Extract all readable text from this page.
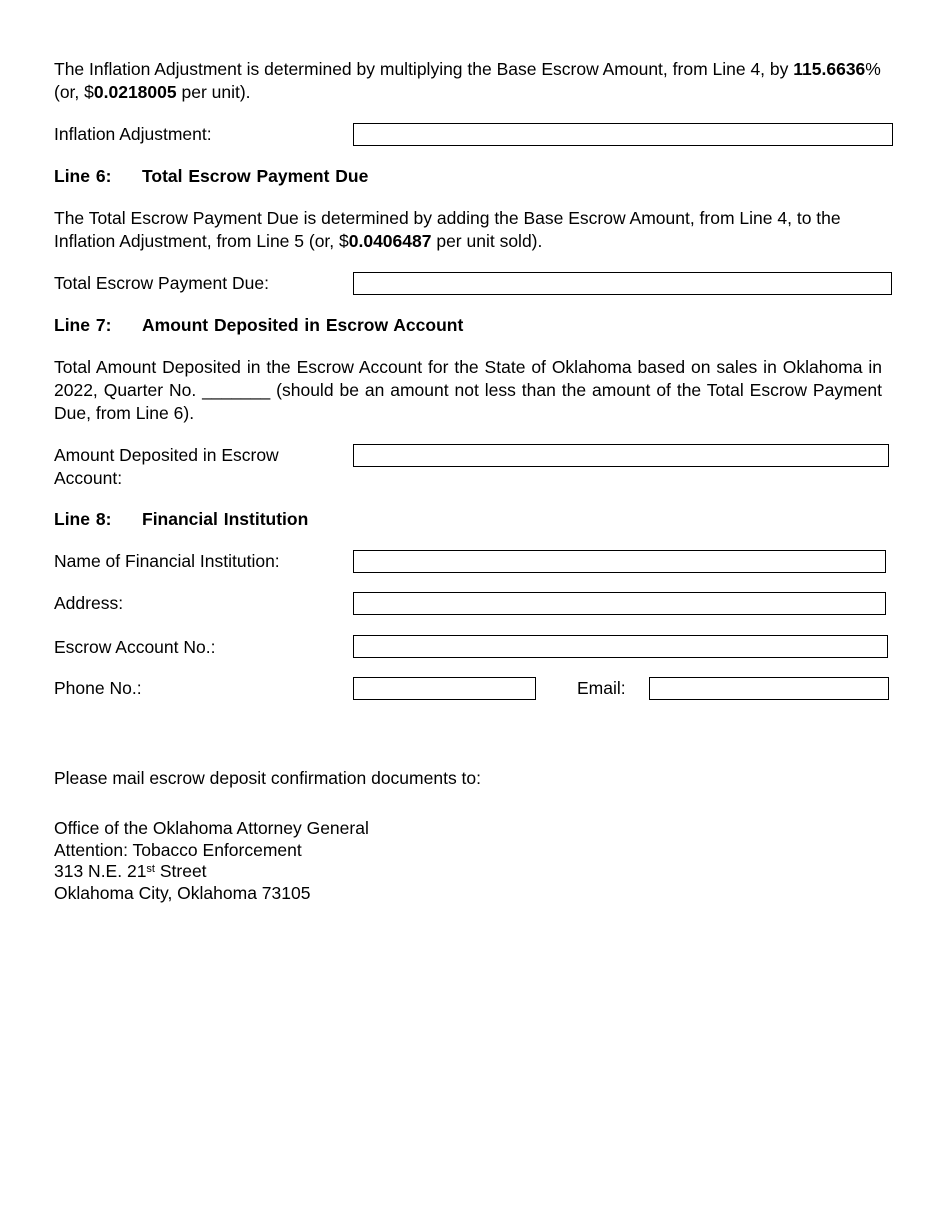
The Inflation Adjustment is determined by multiplying the Base Escrow Amount, from Line 4, by 115.6636% (or, $0.0218005 per unit).

Inflation Adjustment:
Line 6: Total Escrow Payment Due

The Total Escrow Payment Due is determined by adding the Base Escrow Amount, from Line 4, to the Inflation Adjustment, from Line 5 (or, $0.0406487 per unit sold).

Total Escrow Payment Due:
Line 7: Amount Deposited in Escrow Account

Total Amount Deposited in the Escrow Account for the State of Oklahoma based on sales in Oklahoma in 2022, Quarter No. _______ (should be an amount not less than the amount of the Total Escrow Payment Due, from Line 6).

Amount Deposited in Escrow
Account:
Line 8: Financial Institution
Name of Financial Institution:
Address:
Escrow Account No.:
Phone No.:	Email:
Please mail escrow deposit confirmation documents to:
Office of the Oklahoma Attorney General
Attention: Tobacco Enforcement
313 N.E. 21st Street
Oklahoma City, Oklahoma 73105
